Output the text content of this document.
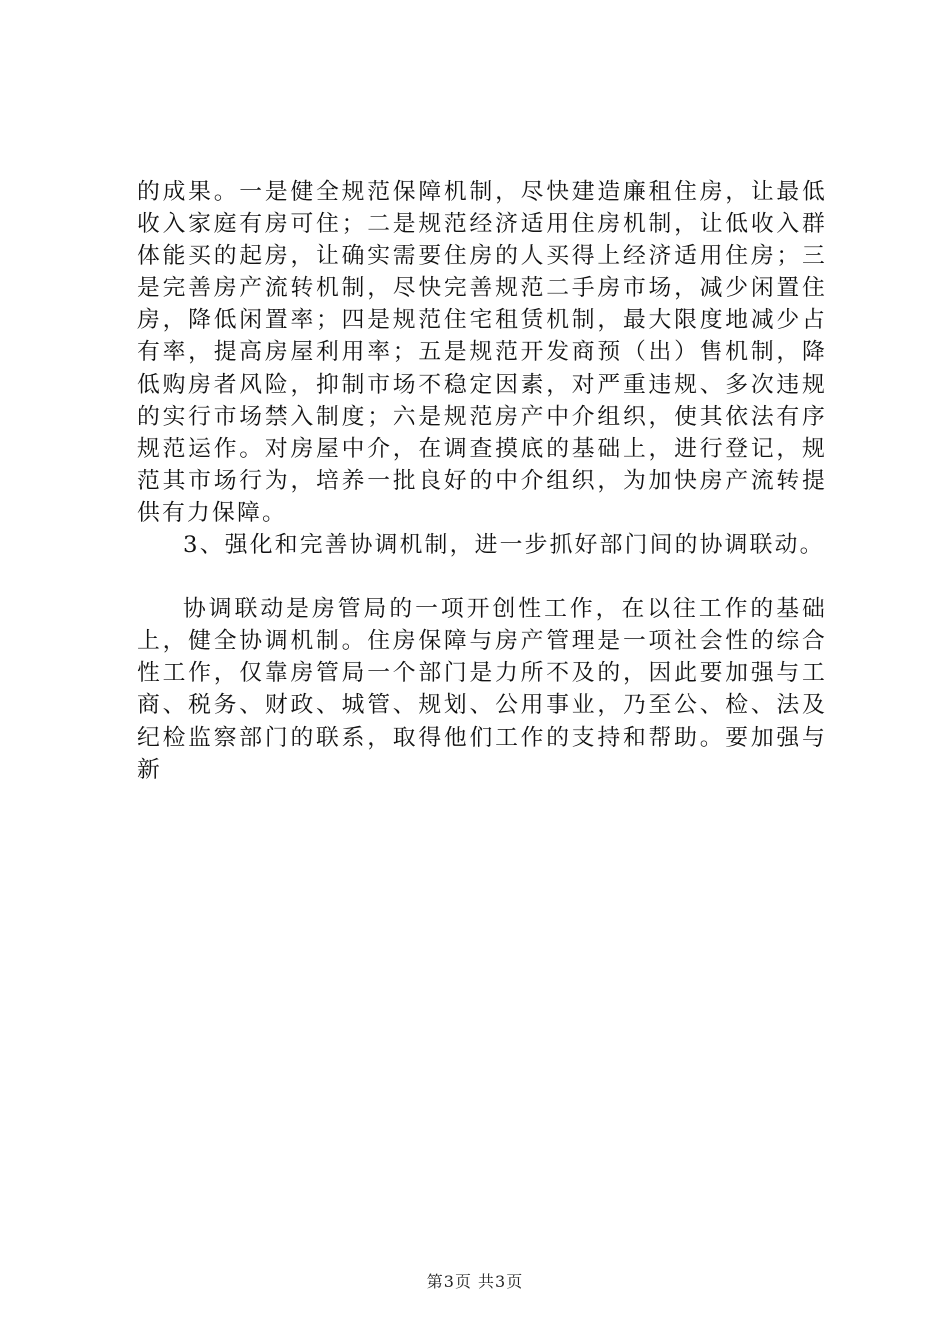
的成果。一是健全规范保障机制，尽快建造廉租住房，让最低收入家庭有房可住；二是规范经济适用住房机制，让低收入群体能买的起房，让确实需要住房的人买得上经济适用住房；三是完善房产流转机制，尽快完善规范二手房市场，减少闲置住房，降低闲置率；四是规范住宅租赁机制，最大限度地减少占有率，提高房屋利用率；五是规范开发商预（出）售机制，降低购房者风险，抑制市场不稳定因素，对严重违规、多次违规的实行市场禁入制度；六是规范房产中介组织，使其依法有序规范运作。对房屋中介，在调查摸底的基础上，进行登记，规范其市场行为，培养一批良好的中介组织，为加快房产流转提供有力保障。

3、强化和完善协调机制，进一步抓好部门间的协调联动。

协调联动是房管局的一项开创性工作，在以往工作的基础上，健全协调机制。住房保障与房产管理是一项社会性的综合性工作，仅靠房管局一个部门是力所不及的，因此要加强与工商、税务、财政、城管、规划、公用事业，乃至公、检、法及纪检监察部门的联系，取得他们工作的支持和帮助。要加强与新

第3页 共3页
